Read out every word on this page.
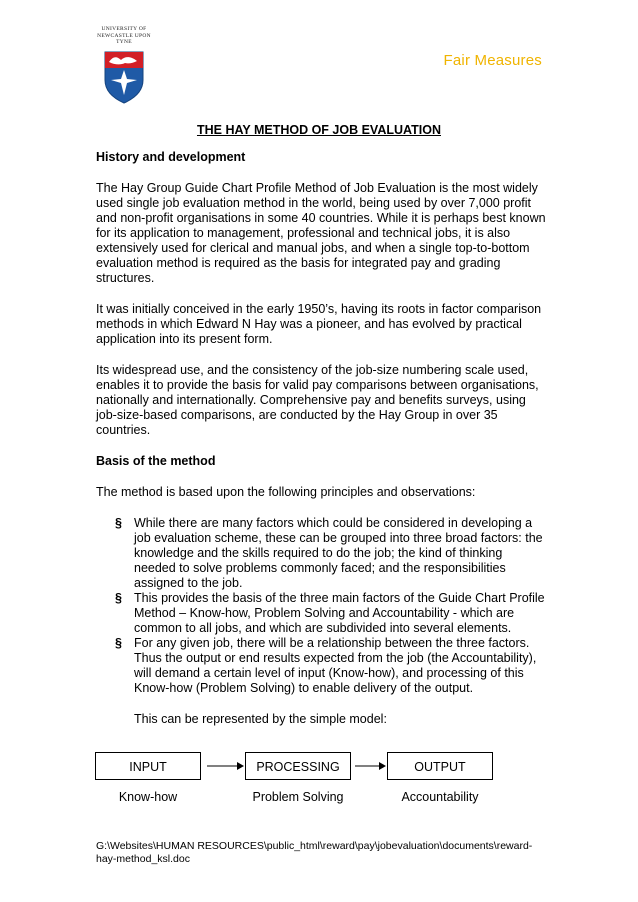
UNIVERSITY OF
NEWCASTLE UPON TYNE
Fair Measures
THE HAY METHOD OF JOB EVALUATION
History and development

The Hay Group Guide Chart Profile Method of Job Evaluation is the most widely used single job evaluation method in the world, being used by over 7,000 profit and non-profit organisations in some 40 countries. While it is perhaps best known for its application to management, professional and technical jobs, it is also extensively used for clerical and manual jobs, and when a single top-to-bottom evaluation method is required as the basis for integrated pay and grading structures.

It was initially conceived in the early 1950’s, having its roots in factor comparison methods in which Edward N Hay was a pioneer, and has evolved by practical application into its present form.

Its widespread use, and the consistency of the job-size numbering scale used, enables it to provide the basis for valid pay comparisons between organisations, nationally and internationally. Comprehensive pay and benefits surveys, using job-size-based comparisons, are conducted by the Hay Group in over 35 countries.

Basis of the method

The method is based upon the following principles and observations:

§ While there are many factors which could be considered in developing a job evaluation scheme, these can be grouped into three broad factors: the knowledge and the skills required to do the job; the kind of thinking needed to solve problems commonly faced; and the responsibilities assigned to the job.
§ This provides the basis of the three main factors of the Guide Chart Profile Method – Know-how, Problem Solving and Accountability - which are common to all jobs, and which are subdivided into several elements.
§ For any given job, there will be a relationship between the three factors. Thus the output or end results expected from the job (the Accountability), will demand a certain level of input (Know-how), and processing of this Know-how (Problem Solving) to enable delivery of the output.

This can be represented by the simple model:

INPUT	PROCESSING	OUTPUT
Know-how	Problem Solving	Accountability
G:\Websites\HUMAN RESOURCES\public_html\reward\pay\jobevaluation\documents\reward-hay-method_ksl.doc
